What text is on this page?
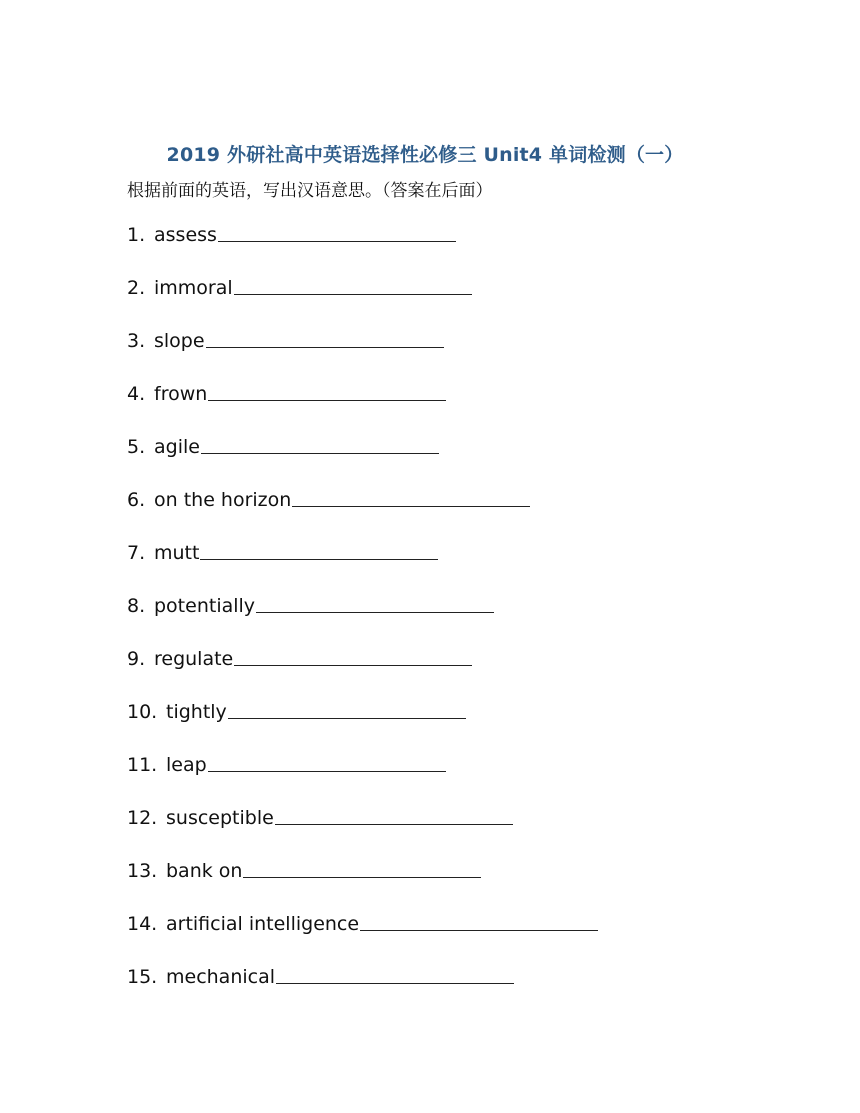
2019 外研社高中英语选择性必修三 Unit4 单词检测（一）
根据前面的英语，写出汉语意思。（答案在后面）
1. assess
2. immoral
3. slope
4. frown
5. agile
6. on the horizon
7. mutt
8. potentially
9. regulate
10. tightly
11. leap
12. susceptible
13. bank on
14. artificial intelligence
15. mechanical
